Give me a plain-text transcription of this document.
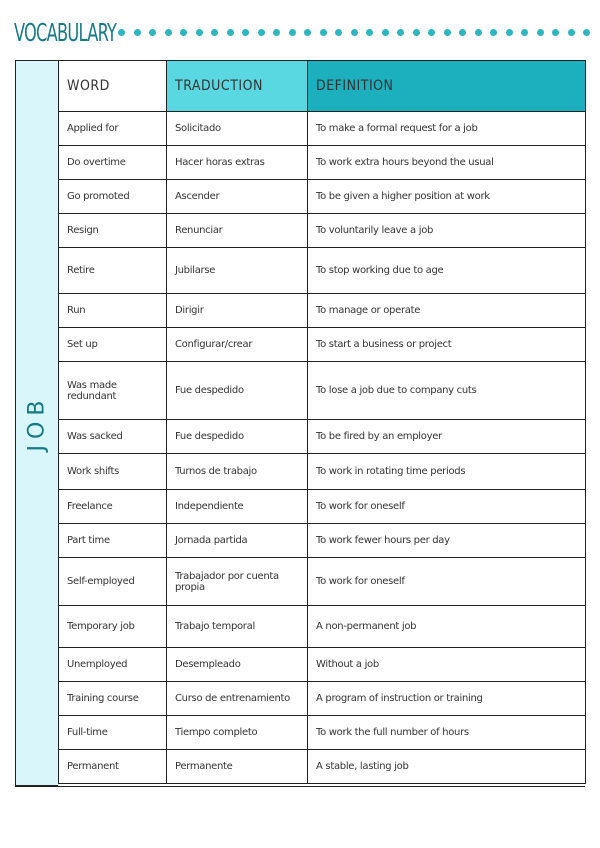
VOCABULARY
JOB
WORD	TRADUCTION	DEFINITION
Applied for	Solicitado	To make a formal request for a job
Do overtime	Hacer horas extras	To work extra hours beyond the usual
Go promoted	Ascender	To be given a higher position at work
Resign	Renunciar	To voluntarily leave a job
Retire	Jubilarse	To stop working due to age
Run	Dirigir	To manage or operate
Set up	Configurar/crear	To start a business or project
Was made redundant	Fue despedido	To lose a job due to company cuts
Was sacked	Fue despedido	To be fired by an employer
Work shifts	Turnos de trabajo	To work in rotating time periods
Freelance	Independiente	To work for oneself
Part time	Jornada partida	To work fewer hours per day
Self-employed	Trabajador por cuenta propia	To work for oneself
Temporary job	Trabajo temporal	A non-permanent job
Unemployed	Desempleado	Without a job
Training course	Curso de entrenamiento	A program of instruction or training
Full-time	Tiempo completo	To work the full number of hours
Permanent	Permanente	A stable, lasting job
